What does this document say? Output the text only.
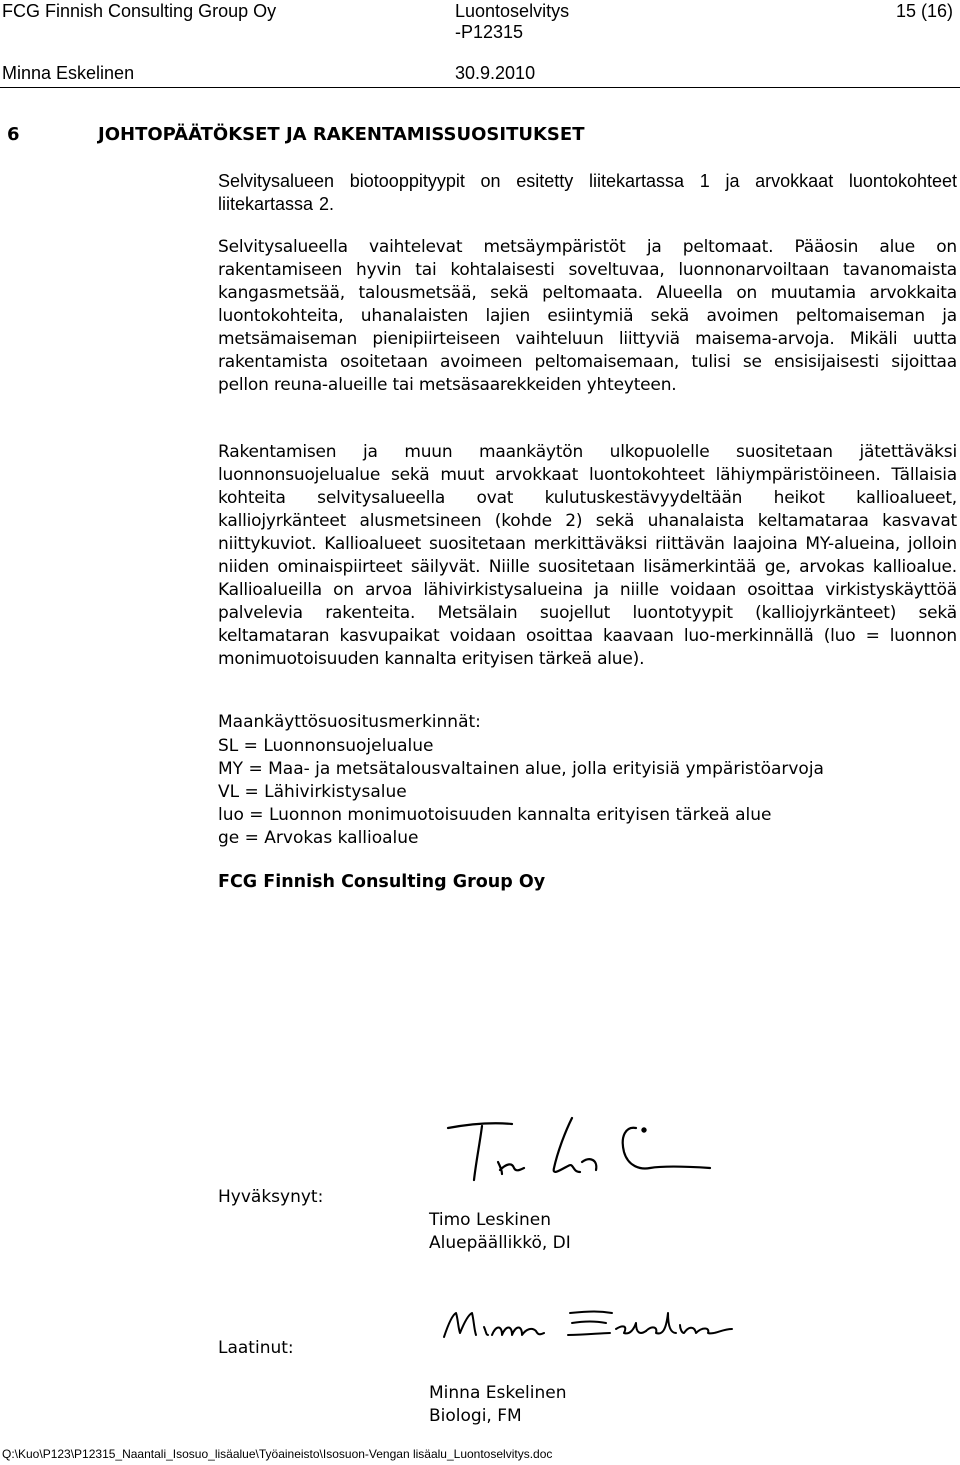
FCG Finnish Consulting Group Oy	Luontoselvitys
-P12315
15 (16)
Minna Eskelinen	30.9.2010
6	JOHTOPÄÄTÖKSET JA RAKENTAMISSUOSITUKSET

Selvitysalueen biotooppityypit on esitetty liitekartassa 1 ja arvokkaat luontokohteet liitekartassa 2.

Selvitysalueella vaihtelevat metsäympäristöt ja peltomaat. Pääosin alue on rakentamiseen hyvin tai kohtalaisesti soveltuvaa, luonnonarvoiltaan tavanomaista kangasmetsää, talousmetsää, sekä peltomaata. Alueella on muutamia arvokkaita luontokohteita, uhanalaisten lajien esiintymiä sekä avoimen peltomaiseman ja metsämaiseman pienipiirteiseen vaihteluun liittyviä maisema-arvoja. Mikäli uutta rakentamista osoitetaan avoimeen peltomaisemaan, tulisi se ensisijaisesti sijoittaa pellon reuna-alueille tai metsäsaarekkeiden yhteyteen.

Rakentamisen ja muun maankäytön ulkopuolelle suositetaan jätettäväksi luonnonsuojelualue sekä muut arvokkaat luontokohteet lähiympäristöineen. Tällaisia kohteita selvitysalueella ovat kulutuskestävyydeltään heikot kallioalueet, kalliojyrkänteet alusmetsineen (kohde 2) sekä uhanalaista keltamataraa kasvavat niittykuviot. Kallioalueet suositetaan merkittäväksi riittävän laajoina MY-alueina, jolloin niiden ominaispiirteet säilyvät. Niille suositetaan lisämerkintää ge, arvokas kallioalue. Kallioalueilla on arvoa lähivirkistysalueina ja niille voidaan osoittaa virkistyskäyttöä palvelevia rakenteita. Metsälain suojellut luontotyypit (kalliojyrkänteet) sekä keltamataran kasvupaikat voidaan osoittaa kaavaan luo-merkinnällä (luo = luonnon monimuotoisuuden kannalta erityisen tärkeä alue).

Maankäyttösuositusmerkinnät:
SL = Luonnonsuojelualue
MY = Maa- ja metsätalousvaltainen alue, jolla erityisiä ympäristöarvoja
VL = Lähivirkistysalue
luo = Luonnon monimuotoisuuden kannalta erityisen tärkeä alue
ge = Arvokas kallioalue
FCG Finnish Consulting Group Oy
Hyväksynyt:
Timo Leskinen
Aluepäällikkö, DI
Laatinut:
Minna Eskelinen
Biologi, FM
Q:\Kuo\P123\P12315_Naantali_Isosuo_lisäalue\Työaineisto\Isosuon-Vengan lisäalu_Luontoselvitys.doc
